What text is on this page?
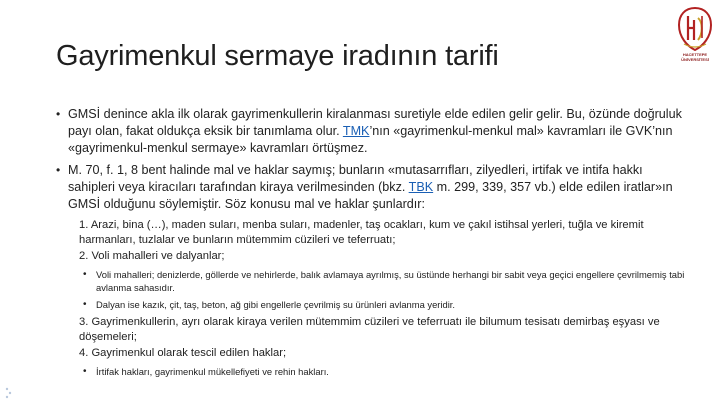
Gayrimenkul sermaye iradının tarifi	HACETTEPE ÜNİVERSİTESİ
• GMSİ denince akla ilk olarak gayrimenkullerin kiralanması suretiyle elde edilen gelir gelir. Bu, özünde doğruluk payı olan, fakat oldukça eksik bir tanımlama olur. TMK’nın «gayrimenkul-menkul mal» kavramları ile GVK’nın «gayrimenkul-menkul sermaye» kavramları örtüşmez.
• M. 70, f. 1, 8 bent halinde mal ve haklar saymış; bunların «mutasarrıfları, zilyedleri, irtifak ve intifa hakkı sahipleri veya kiracıları tarafından kiraya verilmesinden (bkz. TBK m. 299, 339, 357 vb.) elde edilen iratlar»ın GMSİ olduğunu söylemiştir. Söz konusu mal ve haklar şunlardır:
1. Arazi, bina (…), maden suları, menba suları, madenler, taş ocakları, kum ve çakıl istihsal yerleri, tuğla ve kiremit harmanları, tuzlalar ve bunların mütemmim cüzileri ve teferruatı;
2. Voli mahalleri ve dalyanlar;
• Voli mahalleri; denizlerde, göllerde ve nehirlerde, balık avlamaya ayrılmış, su üstünde herhangi bir sabit veya geçici engellere çevrilmemiş tabi avlanma sahasıdır.
• Dalyan ise kazık, çit, taş, beton, ağ gibi engellerle çevrilmiş su ürünleri avlanma yeridir.
3. Gayrimenkullerin, ayrı olarak kiraya verilen mütemmim cüzileri ve teferruatı ile bilumum tesisatı demirbaş eşyası ve döşemeleri;
4. Gayrimenkul olarak tescil edilen haklar;
• İrtifak hakları, gayrimenkul mükellefiyeti ve rehin hakları.
